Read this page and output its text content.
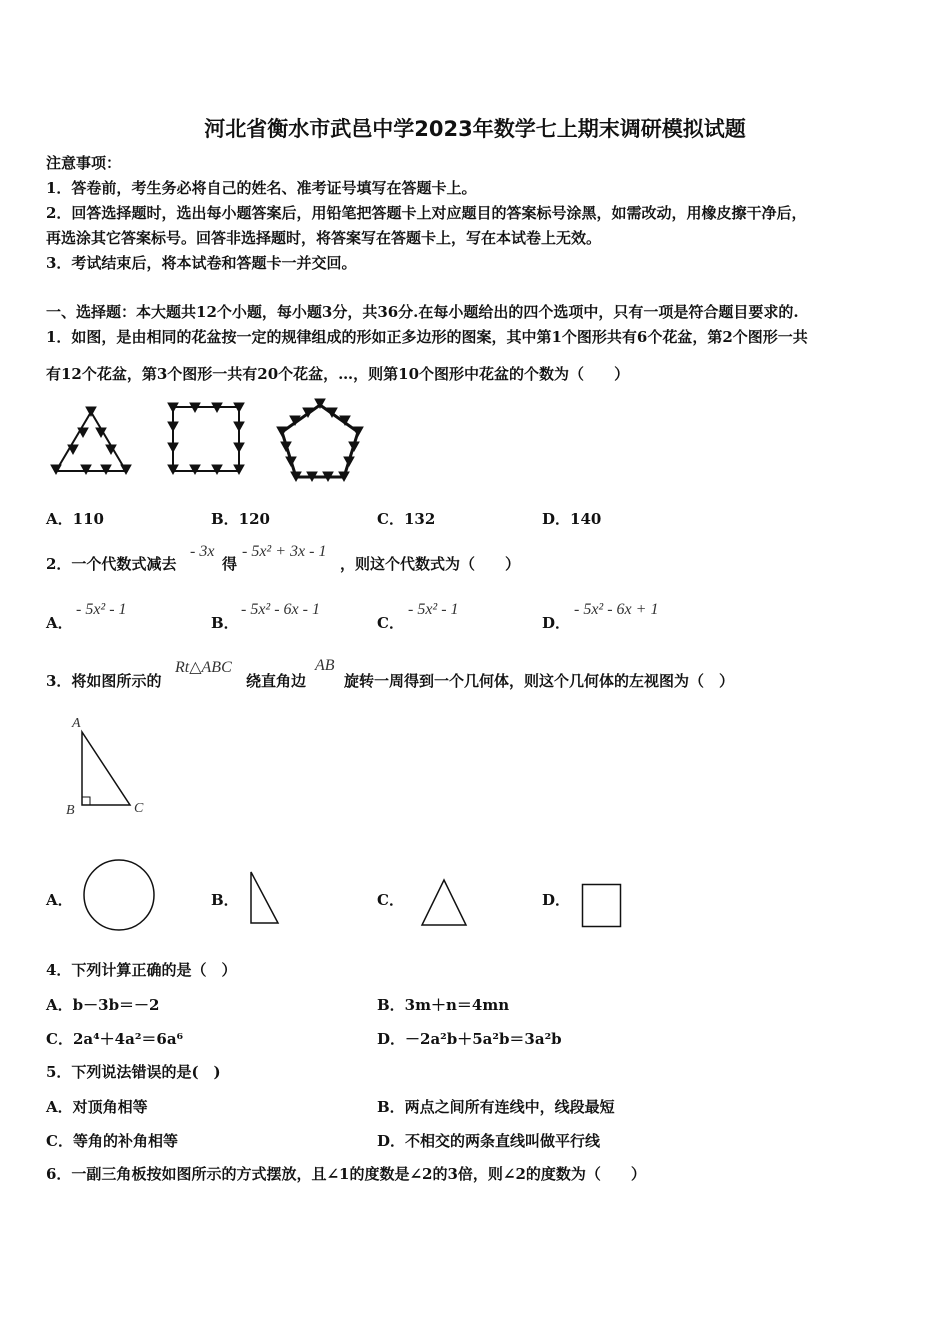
河北省衡水市武邑中学2023年数学七上期末调研模拟试题
注意事项：
1．答卷前，考生务必将自己的姓名、准考证号填写在答题卡上。
2．回答选择题时，选出每小题答案后，用铅笔把答题卡上对应题目的答案标号涂黑，如需改动，用橡皮擦干净后，
再选涂其它答案标号。回答非选择题时，将答案写在答题卡上，写在本试卷上无效。
3．考试结束后，将本试卷和答题卡一并交回。
一、选择题：本大题共12个小题，每小题3分，共36分.在每小题给出的四个选项中，只有一项是符合题目要求的.
1．如图，是由相同的花盆按一定的规律组成的形如正多边形的图案，其中第1个图形共有6个花盆，第2个图形一共
有12个花盆，第3个图形一共有20个花盆，…，则第10个图形中花盆的个数为（　　）
A．110	B．120	C．132	D．140
2．一个代数式减去
- 3x
得
- 5x² + 3x - 1
，则这个代数式为（　　）
A．
- 5x² - 1
B．
- 5x² - 6x - 1
C．
- 5x² - 1
D．
- 5x² - 6x + 1
3．将如图所示的
Rt△ABC
绕直角边
AB
旋转一周得到一个几何体，则这个几何体的左视图为（　）
A
B	C
A．	B．	C．	D．
4．下列计算正确的是（　）
A．b－3b＝－2	B．3m＋n＝4mn
C．2a⁴＋4a²＝6a⁶	D．－2a²b＋5a²b＝3a²b
5．下列说法错误的是(　)
A．对顶角相等	B．两点之间所有连线中，线段最短
C．等角的补角相等	D．不相交的两条直线叫做平行线
6．一副三角板按如图所示的方式摆放，且∠1的度数是∠2的3倍，则∠2的度数为（　　）
